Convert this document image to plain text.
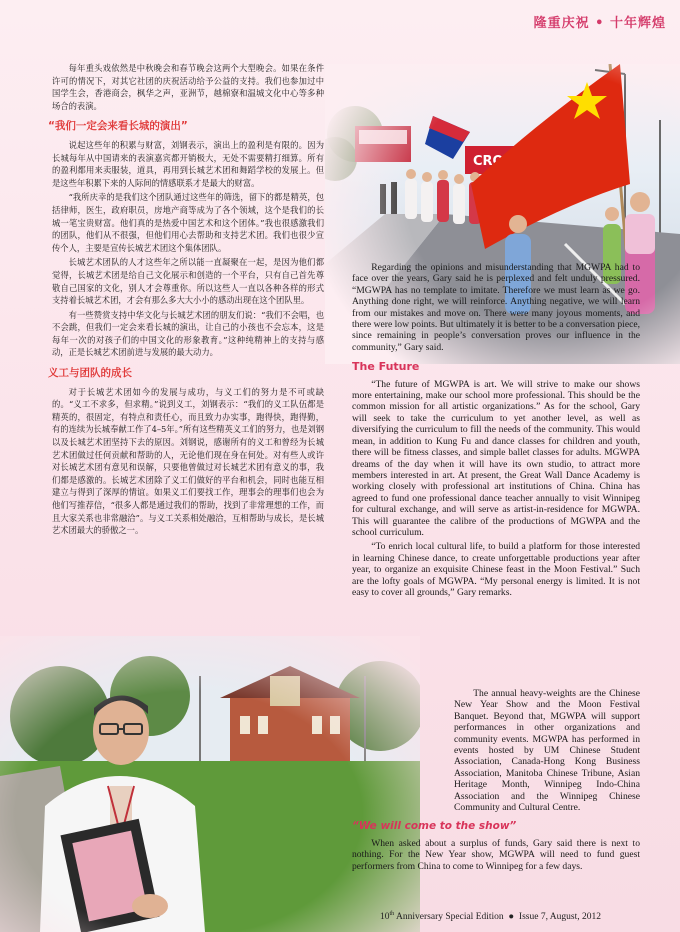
隆重庆祝 • 十年辉煌

每年重头戏依然是中秋晚会和春节晚会这两个大型晚会。如果在条件许可的情况下，对其它社团的庆祝活动给予公益的支持。我们也参加过中国学生会，香港商会，枫华之声，亚洲节，越棉寮和温城文化中心等多种场合的表演。

“我们一定会来看长城的演出”

说起这些年的积累与财富，刘钢表示，演出上的盈利是有限的。因为长城每年从中国请来的表演嘉宾都开销极大，无处不需要精打细算。所有的盈利都用来卖服装，道具，再用到长城艺术团和舞蹈学校的发展上。但是这些年积累下来的人际间的情感联系才是最大的财富。

“我所庆幸的是我们这个团队通过这些年的筛选，留下的都是精英，包括律师，医生，政府职员，房地产商等成为了各个领域，这个是我们的长城一笔宝贵财富。他们真的是热爱中国艺术和这个团体。”我也很感激我们的团队，他们从不很强，但他们用心去帮助和支持艺术团。我们也很少宣传个人，主要是宣传长城艺术团这个集体团队。

长城艺术团队的人才这些年之所以能一直凝聚在一起，是因为他们都觉得，长城艺术团是给自己文化展示和创造的一个平台，只有自己首先尊敬自己国家的文化，别人才会尊重你。所以这些人一直以各种各样的形式支持着长城艺术团，才会有那么多大大小小的感动出现在这个团队里。

有一些赞赏支持中华文化与长城艺术团的朋友们说：“我们不会唱，也不会跳，但我们一定会来看长城的演出，让自己的小孩也不会忘本，这是每年一次的对孩子们的中国文化的形象教育。”这种纯精神上的支持与感动，正是长城艺术团前进与发展的最大动力。

义工与团队的成长

对于长城艺术团如今的发展与成功，与义工们的努力是不可或缺的。“义工不求多，但求精。”说到义工，刘钢表示：“我们的义工队伍都是精英的，很固定，有特点和责任心，而且致力办实事，跑得快，跑得勤，有的连续为长城奉献工作了4–5年。”所有这些精英义工们的努力，也是刘钢以及长城艺术团坚持下去的原因。刘钢说，感谢所有的义工和曾经为长城艺术团做过任何贡献和帮助的人，无论他们现在身在何处。对有些人或许对长城艺术团有意见和误解，只要他曾做过对长城艺术团有意义的事，我们都是感激的。长城艺术团除了义工们做好的平台和机会，同时也能互相建立与得到了深厚的情谊。如果义工们要找工作，理事会的理事们也会为他们写推荐信，“很多人都是通过我们的帮助，找到了非常理想的工作，而且大家关系也非常融洽”。与义工关系相处融洽，互相帮助与成长，是长城艺术团最大的骄傲之一。

Regarding the opinions and misunderstanding that MGWPA had to face over the years, Gary said he is perplexed and felt unduly pressured. “MGWPA has no template to imitate. Therefore we must learn as we go. Anything done right, we will reinforce. Anything negative, we will learn from our mistakes and move on. There were many joyous moments, and there were low points. But ultimately it is better to be a conversation piece, since remaining in people’s conversation proves our influence in the community,” Gary said.

The Future

“The future of MGWPA is art. We will strive to make our shows more entertaining, make our school more professional. This should be the common mission for all artistic organizations.” As for the school, Gary will seek to take the curriculum to yet another level, as well as diversifying the curriculum to fill the needs of the community. This would mean, in addition to Kung Fu and dance classes for children and youth, there will be fitness classes, and simple ballet classes for adults. MGWPA dreams of the day when it will have its own studio, to attract more members interested in art. At present, the Great Wall Dance Academy is working closely with professional art institutions of China. China has agreed to fund one professional dance teacher annually to visit Winnipeg for cultural exchange, and will serve as artist-in-residence for MGWPA. This will guarantee the calibre of the productions of MGWPA and the school curriculum.

“To enrich local cultural life, to build a platform for those interested in learning Chinese dance, to create unforgettable productions year after year, to organize an exquisite Chinese feast in the Moon Festival.” Such are the lofty goals of MGWPA. “My personal energy is limited. It is not easy to cover all grounds,” Gary remarks.

The annual heavy-weights are the Chinese New Year Show and the Moon Festival Banquet. Beyond that, MGWPA will support performances in other organizations and community events. MGWPA has performed in events hosted by UM Chinese Student Association, Canada-Hong Kong Business Association, Manitoba Chinese Tribune, Asian Heritage Month, Winnipeg Indo-China Association and the Winnipeg Chinese Community and Cultural Centre.

“We will come to the show”

When asked about a surplus of funds, Gary said there is next to nothing. For the New Year show, MGWPA will need to fund guest performers from China to come to Winnipeg for a few days.

10th Anniversary Special Edition ● Issue 7, August, 2012
